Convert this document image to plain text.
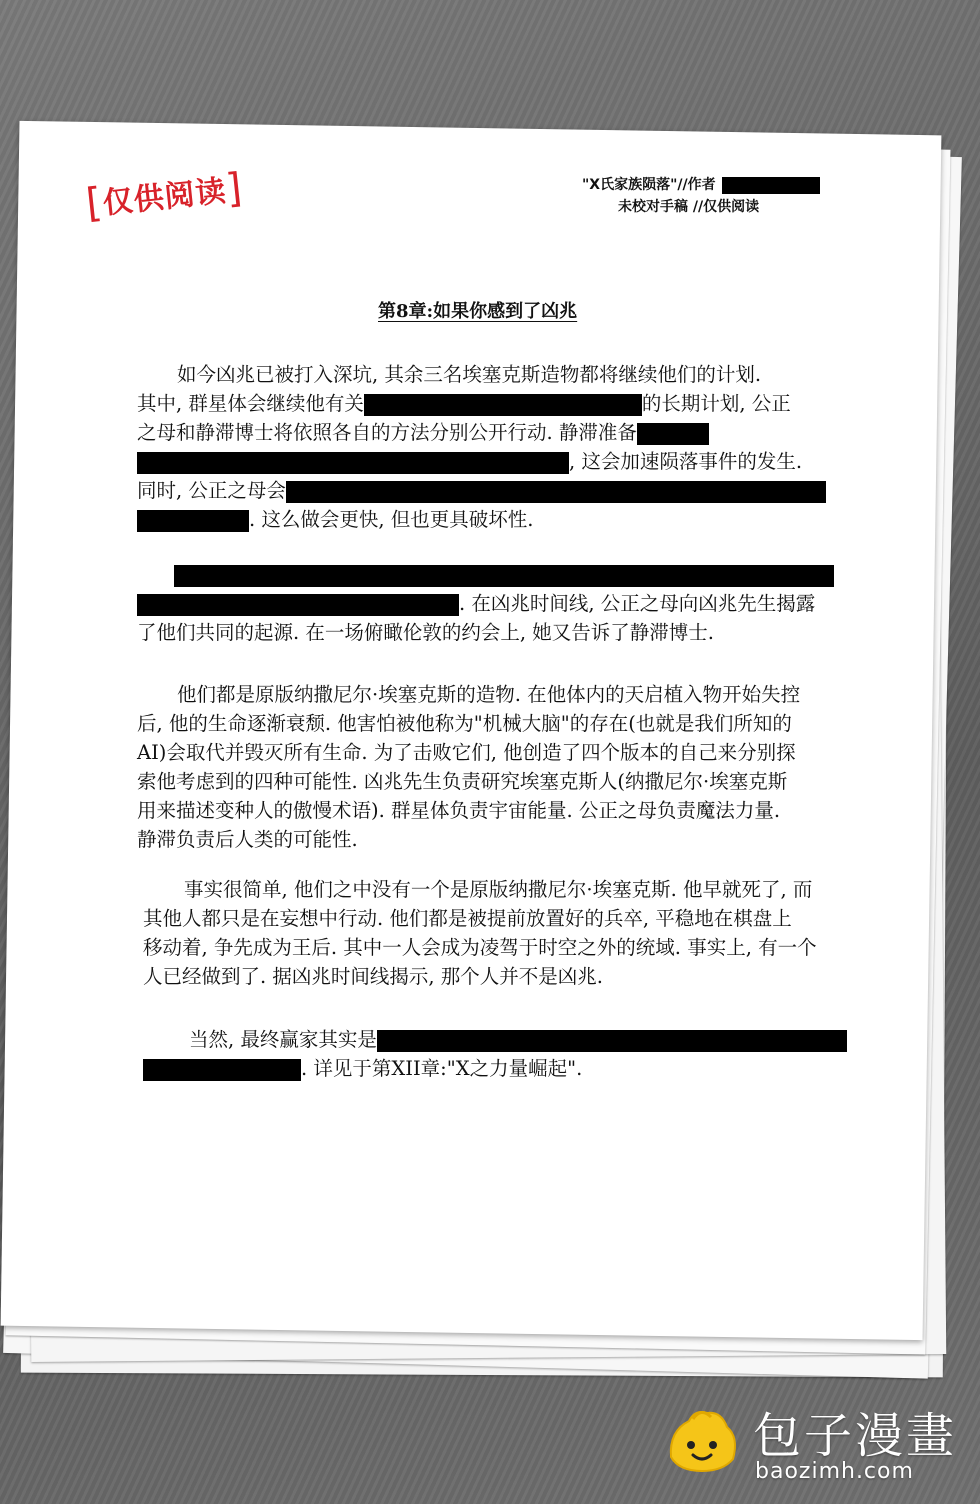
[仅供阅读]	"X氏家族陨落"//作者
未校对手稿 //仅供阅读
第8章:如果你感到了凶兆
如今凶兆已被打入深坑, 其余三名埃塞克斯造物都将继续他们的计划.
其中, 群星体会继续他有关	的长期计划, 公正
之母和静滞博士将依照各自的方法分别公开行动. 静滞准备
, 这会加速陨落事件的发生.
同时, 公正之母会
. 这么做会更快, 但也更具破坏性.
. 在凶兆时间线, 公正之母向凶兆先生揭露
了他们共同的起源. 在一场俯瞰伦敦的约会上, 她又告诉了静滞博士.
他们都是原版纳撒尼尔·埃塞克斯的造物. 在他体内的天启植入物开始失控
后, 他的生命逐渐衰颓. 他害怕被他称为"机械大脑"的存在(也就是我们所知的
AI)会取代并毁灭所有生命. 为了击败它们, 他创造了四个版本的自己来分别探
索他考虑到的四种可能性. 凶兆先生负责研究埃塞克斯人(纳撒尼尔·埃塞克斯
用来描述变种人的傲慢术语). 群星体负责宇宙能量. 公正之母负责魔法力量.
静滞负责后人类的可能性.
事实很简单, 他们之中没有一个是原版纳撒尼尔·埃塞克斯. 他早就死了, 而
其他人都只是在妄想中行动. 他们都是被提前放置好的兵卒, 平稳地在棋盘上
移动着, 争先成为王后. 其中一人会成为凌驾于时空之外的统域. 事实上, 有一个
人已经做到了. 据凶兆时间线揭示, 那个人并不是凶兆.
当然, 最终赢家其实是
. 详见于第XII章:"X之力量崛起".
包子漫畫
baozimh.com
